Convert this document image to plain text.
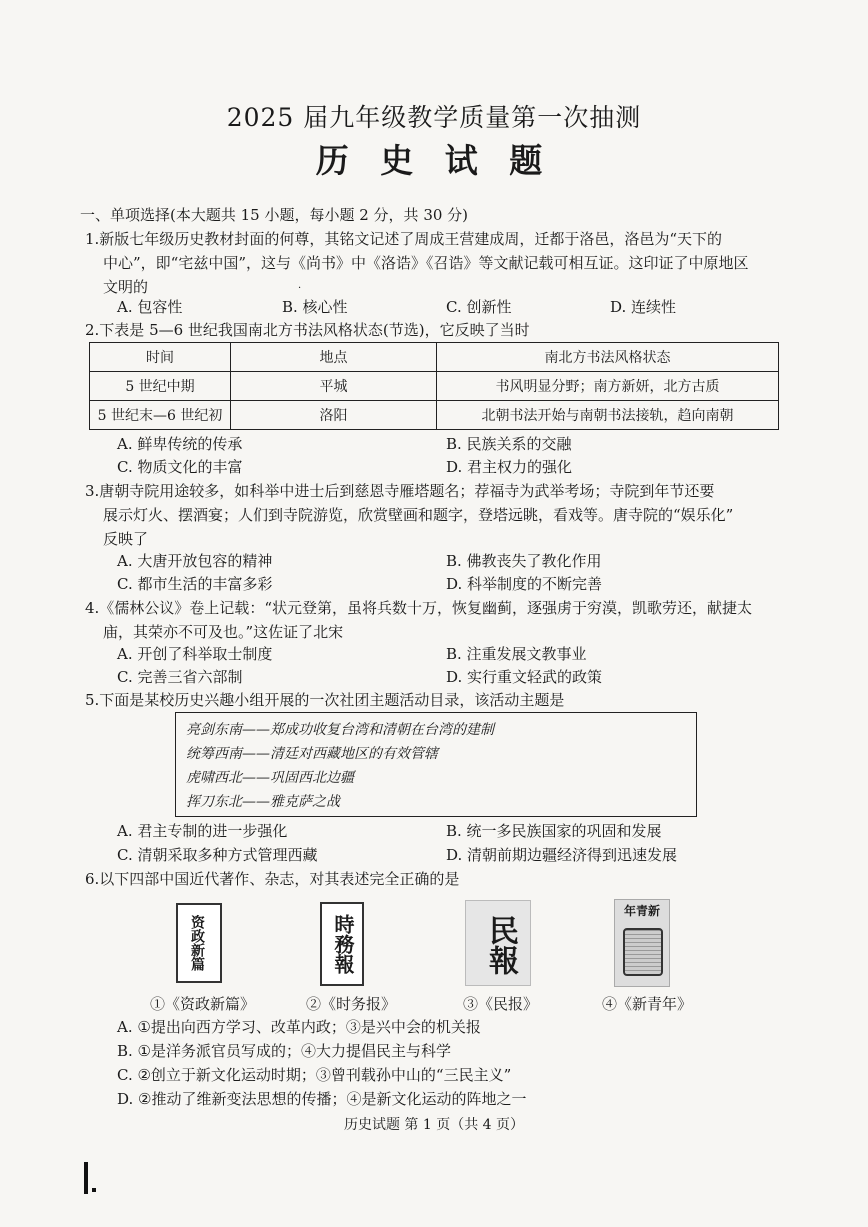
2025 届九年级教学质量第一次抽测
历 史 试 题
一、单项选择(本大题共 15 小题，每小题 2 分，共 30 分)
1.新版七年级历史教材封面的何尊，其铭文记述了周成王营建成周，迁都于洛邑，洛邑为“天下的
中心”，即“宅兹中国”，这与《尚书》中《洛诰》《召诰》等文献记载可相互证。这印证了中原地区
文明的	·
A. 包容性	B. 核心性	C. 创新性	D. 连续性
2.下表是 5—6 世纪我国南北方书法风格状态(节选)，它反映了当时
时间	地点	南北方书法风格状态
5 世纪中期	平城	书风明显分野；南方新妍，北方古质
5 世纪末—6 世纪初	洛阳	北朝书法开始与南朝书法接轨，趋向南朝
A. 鲜卑传统的传承	B. 民族关系的交融
C. 物质文化的丰富	D. 君主权力的强化
3.唐朝寺院用途较多，如科举中进士后到慈恩寺雁塔题名；荐福寺为武举考场；寺院到年节还要
展示灯火、摆酒宴；人们到寺院游览，欣赏壁画和题字，登塔远眺，看戏等。唐寺院的“娱乐化”
反映了
A. 大唐开放包容的精神	B. 佛教丧失了教化作用
C. 都市生活的丰富多彩	D. 科举制度的不断完善
4.《儒林公议》卷上记载：“状元登第，虽将兵数十万，恢复幽蓟，逐强虏于穷漠，凯歌劳还，献捷太
庙，其荣亦不可及也。”这佐证了北宋
A. 开创了科举取士制度	B. 注重发展文教事业
C. 完善三省六部制	D. 实行重文轻武的政策
5.下面是某校历史兴趣小组开展的一次社团主题活动目录，该活动主题是
亮剑东南——郑成功收复台湾和清朝在台湾的建制
统筹西南——清廷对西藏地区的有效管辖
虎啸西北——巩固西北边疆
挥刀东北——雅克萨之战
A. 君主专制的进一步强化	B. 统一多民族国家的巩固和发展
C. 清朝采取多种方式管理西藏	D. 清朝前期边疆经济得到迅速发展
6.以下四部中国近代著作、杂志，对其表述完全正确的是
资政新篇	時務報	民報
新青年
①《资政新篇》	②《时务报》	③《民报》	④《新青年》
A. ①提出向西方学习、改革内政；③是兴中会的机关报
B. ①是洋务派官员写成的；④大力提倡民主与科学
C. ②创立于新文化运动时期；③曾刊载孙中山的“三民主义”
D. ②推动了维新变法思想的传播；④是新文化运动的阵地之一
历史试题 第 1 页（共 4 页）
